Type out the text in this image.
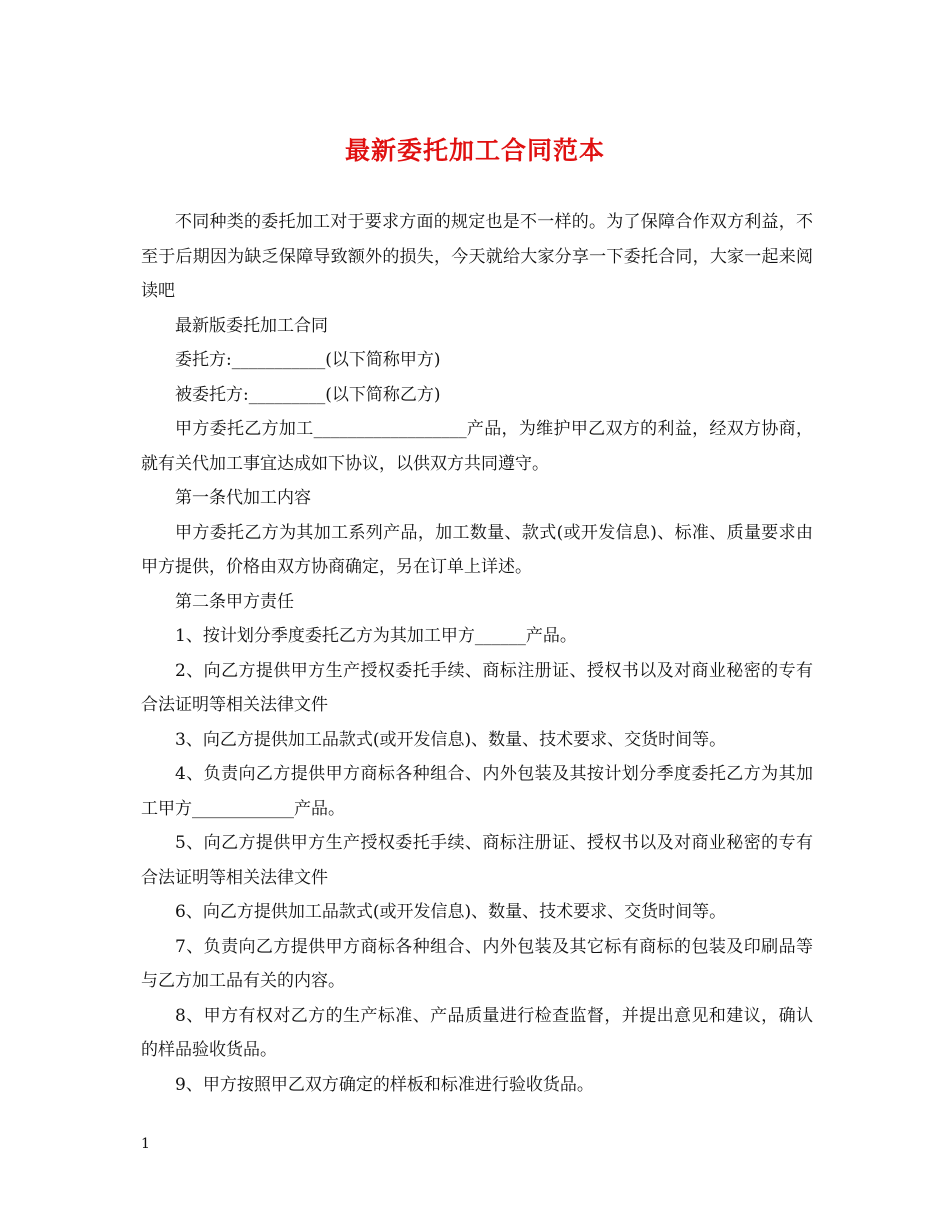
最新委托加工合同范本

不同种类的委托加工对于要求方面的规定也是不一样的。为了保障合作双方利益，不至于后期因为缺乏保障导致额外的损失，今天就给大家分享一下委托合同，大家一起来阅读吧

最新版委托加工合同

委托方:___________(以下简称甲方)

被委托方:_________(以下简称乙方)

甲方委托乙方加工__________________产品，为维护甲乙双方的利益，经双方协商，就有关代加工事宜达成如下协议，以供双方共同遵守。

第一条代加工内容

甲方委托乙方为其加工系列产品，加工数量、款式(或开发信息)、标准、质量要求由甲方提供，价格由双方协商确定，另在订单上详述。

第二条甲方责任

1、按计划分季度委托乙方为其加工甲方______产品。

2、向乙方提供甲方生产授权委托手续、商标注册证、授权书以及对商业秘密的专有合法证明等相关法律文件

3、向乙方提供加工品款式(或开发信息)、数量、技术要求、交货时间等。

4、负责向乙方提供甲方商标各种组合、内外包装及其按计划分季度委托乙方为其加工甲方____________产品。

5、向乙方提供甲方生产授权委托手续、商标注册证、授权书以及对商业秘密的专有合法证明等相关法律文件

6、向乙方提供加工品款式(或开发信息)、数量、技术要求、交货时间等。

7、负责向乙方提供甲方商标各种组合、内外包装及其它标有商标的包装及印刷品等与乙方加工品有关的内容。

8、甲方有权对乙方的生产标准、产品质量进行检查监督，并提出意见和建议，确认的样品验收货品。

9、甲方按照甲乙双方确定的样板和标准进行验收货品。

1
